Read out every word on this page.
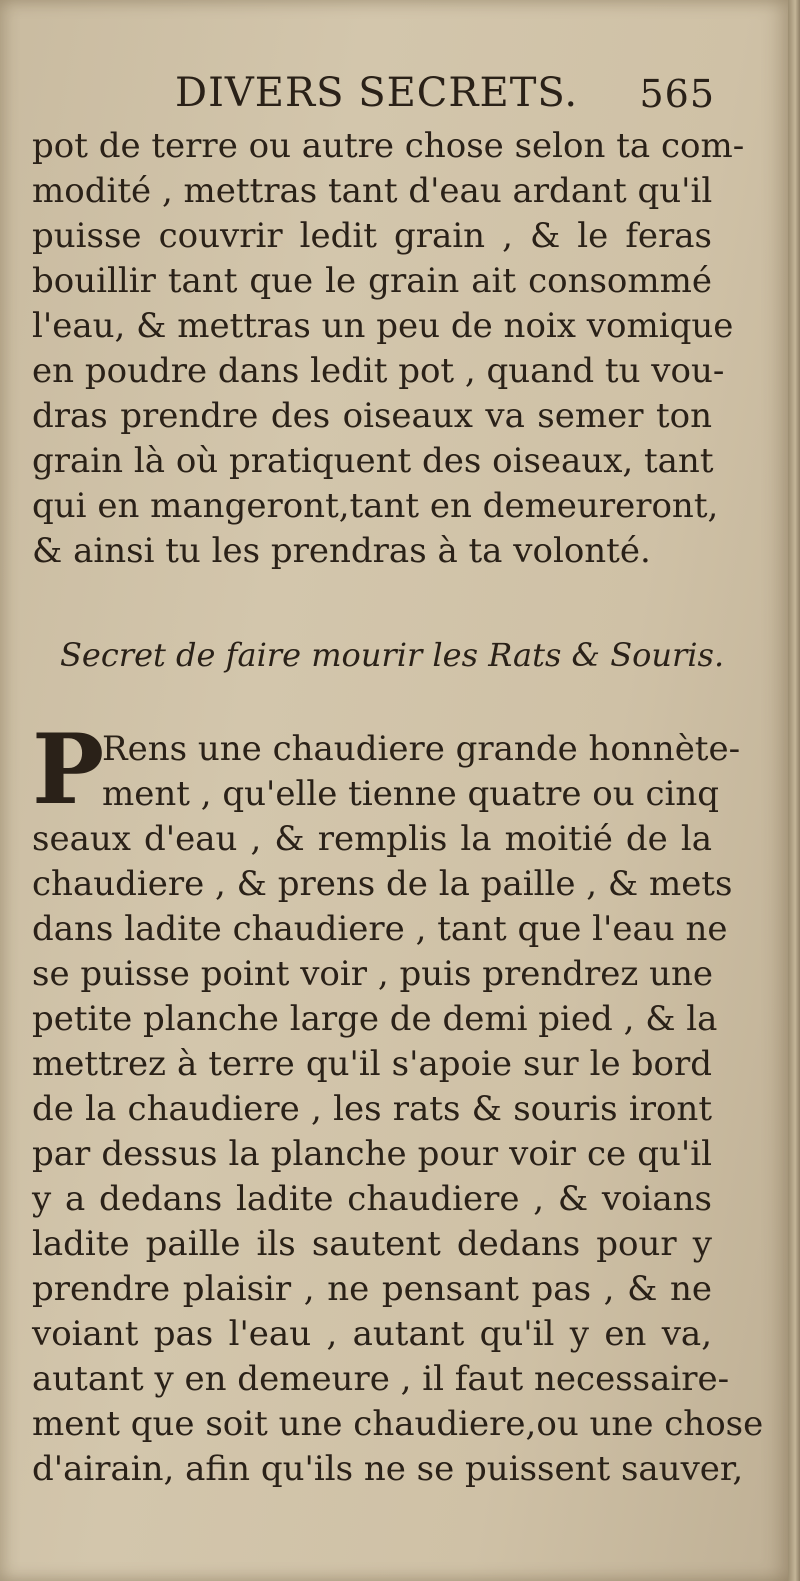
DIVERS SECRETS. 565
pot de terre ou autre chose selon ta com-
modité , mettras tant d'eau ardant qu'il
puisse couvrir ledit grain , & le feras
bouillir tant que le grain ait consommé
l'eau, & mettras un peu de noix vomique
en poudre dans ledit pot , quand tu vou-
dras prendre des oiseaux va semer ton
grain là où pratiquent des oiseaux, tant
qui en mangeront,tant en demeureront,
& ainsi tu les prendras à ta volonté.
Secret de faire mourir les Rats & Souris.
P
Rens une chaudiere grande honnète-
ment , qu'elle tienne quatre ou cinq
seaux d'eau , & remplis la moitié de la
chaudiere , & prens de la paille , & mets
dans ladite chaudiere , tant que l'eau ne
se puisse point voir , puis prendrez une
petite planche large de demi pied , & la
mettrez à terre qu'il s'apoie sur le bord
de la chaudiere , les rats & souris iront
par dessus la planche pour voir ce qu'il
y a dedans ladite chaudiere , & voians
ladite paille ils sautent dedans pour y
prendre plaisir , ne pensant pas , & ne
voiant pas l'eau , autant qu'il y en va,
autant y en demeure , il faut necessaire-
ment que soit une chaudiere,ou une chose
d'airain, afin qu'ils ne se puissent sauver,
